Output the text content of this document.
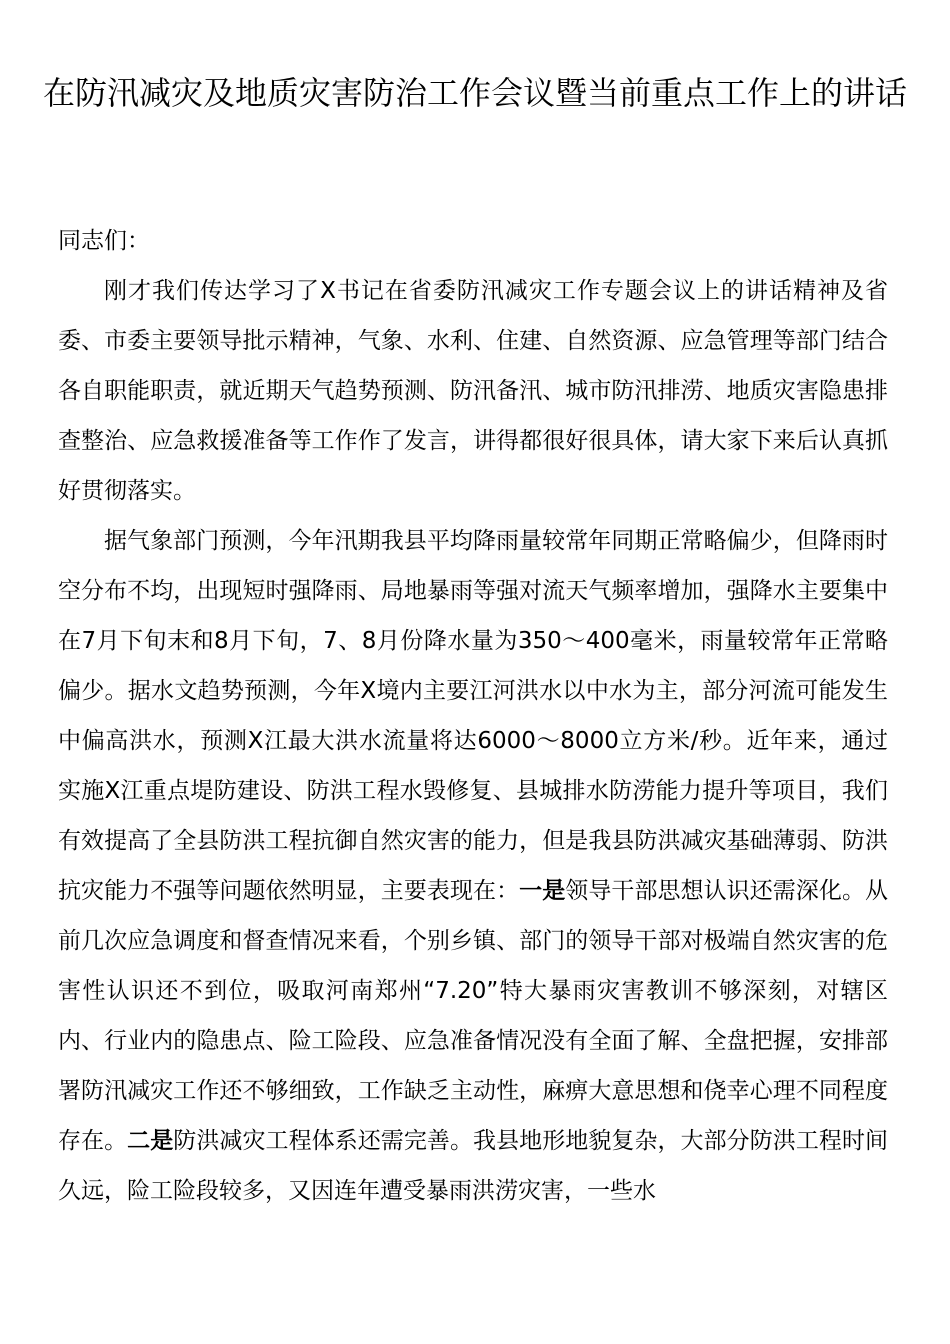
在防汛减灾及地质灾害防治工作会议暨当前重点工作上的讲话

同志们：

刚才我们传达学习了X书记在省委防汛减灾工作专题会议上的讲话精神及省委、市委主要领导批示精神，气象、水利、住建、自然资源、应急管理等部门结合各自职能职责，就近期天气趋势预测、防汛备汛、城市防汛排涝、地质灾害隐患排查整治、应急救援准备等工作作了发言，讲得都很好很具体，请大家下来后认真抓好贯彻落实。

据气象部门预测，今年汛期我县平均降雨量较常年同期正常略偏少，但降雨时空分布不均，出现短时强降雨、局地暴雨等强对流天气频率增加，强降水主要集中在7月下旬末和8月下旬，7、8月份降水量为350～400毫米，雨量较常年正常略偏少。据水文趋势预测，今年X境内主要江河洪水以中水为主，部分河流可能发生中偏高洪水，预测X江最大洪水流量将达6000～8000立方米/秒。近年来，通过实施X江重点堤防建设、防洪工程水毁修复、县城排水防涝能力提升等项目，我们有效提高了全县防洪工程抗御自然灾害的能力，但是我县防洪减灾基础薄弱、防洪抗灾能力不强等问题依然明显，主要表现在：一是领导干部思想认识还需深化。从前几次应急调度和督查情况来看，个别乡镇、部门的领导干部对极端自然灾害的危害性认识还不到位，吸取河南郑州“7.20”特大暴雨灾害教训不够深刻，对辖区内、行业内的隐患点、险工险段、应急准备情况没有全面了解、全盘把握，安排部署防汛减灾工作还不够细致，工作缺乏主动性，麻痹大意思想和侥幸心理不同程度存在。二是防洪减灾工程体系还需完善。我县地形地貌复杂，大部分防洪工程时间久远，险工险段较多，又因连年遭受暴雨洪涝灾害，一些水
